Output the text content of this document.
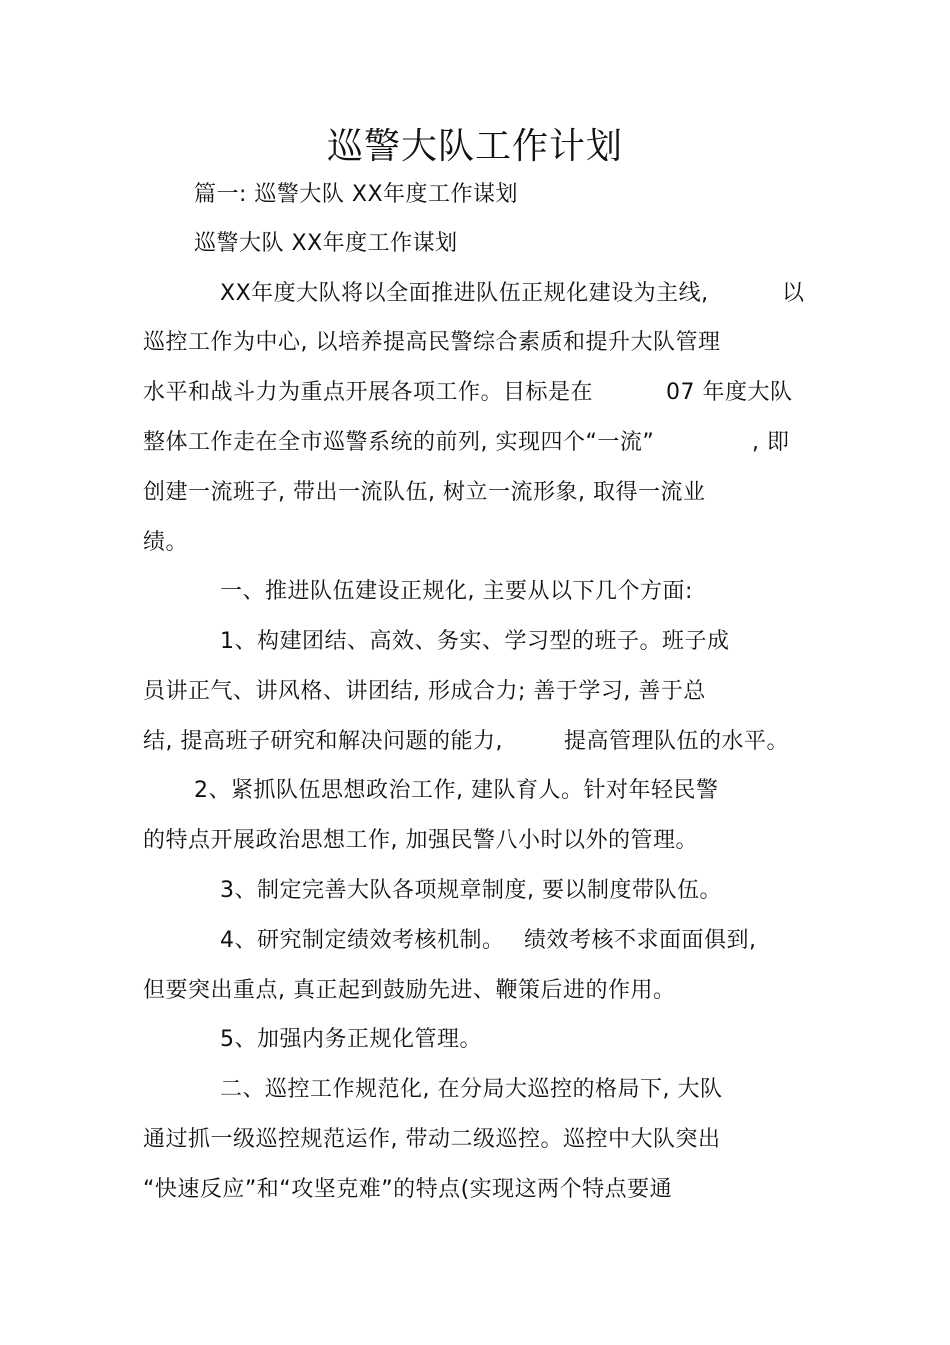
巡警大队工作计划
篇一: 巡警大队 XX年度工作谋划
巡警大队 XX年度工作谋划
XX年度大队将以全面推进队伍正规化建设为主线,	以
巡控工作为中心, 以培养提高民警综合素质和提升大队管理
水平和战斗力为重点开展各项工作。目标是在	07 年度大队
整体工作走在全市巡警系统的前列, 实现四个“一流”	, 即
创建一流班子, 带出一流队伍, 树立一流形象, 取得一流业
绩。
一、推进队伍建设正规化, 主要从以下几个方面:
1、构建团结、高效、务实、学习型的班子。班子成
员讲正气、讲风格、讲团结, 形成合力; 善于学习, 善于总
结, 提高班子研究和解决问题的能力,	提高管理队伍的水平。
2、紧抓队伍思想政治工作, 建队育人。针对年轻民警
的特点开展政治思想工作, 加强民警八小时以外的管理。
3、制定完善大队各项规章制度, 要以制度带队伍。
4、研究制定绩效考核机制。 绩效考核不求面面俱到,
但要突出重点, 真正起到鼓励先进、鞭策后进的作用。
5、加强内务正规化管理。
二、巡控工作规范化, 在分局大巡控的格局下, 大队
通过抓一级巡控规范运作, 带动二级巡控。巡控中大队突出
“快速反应”和“攻坚克难”的特点(实现这两个特点要通
